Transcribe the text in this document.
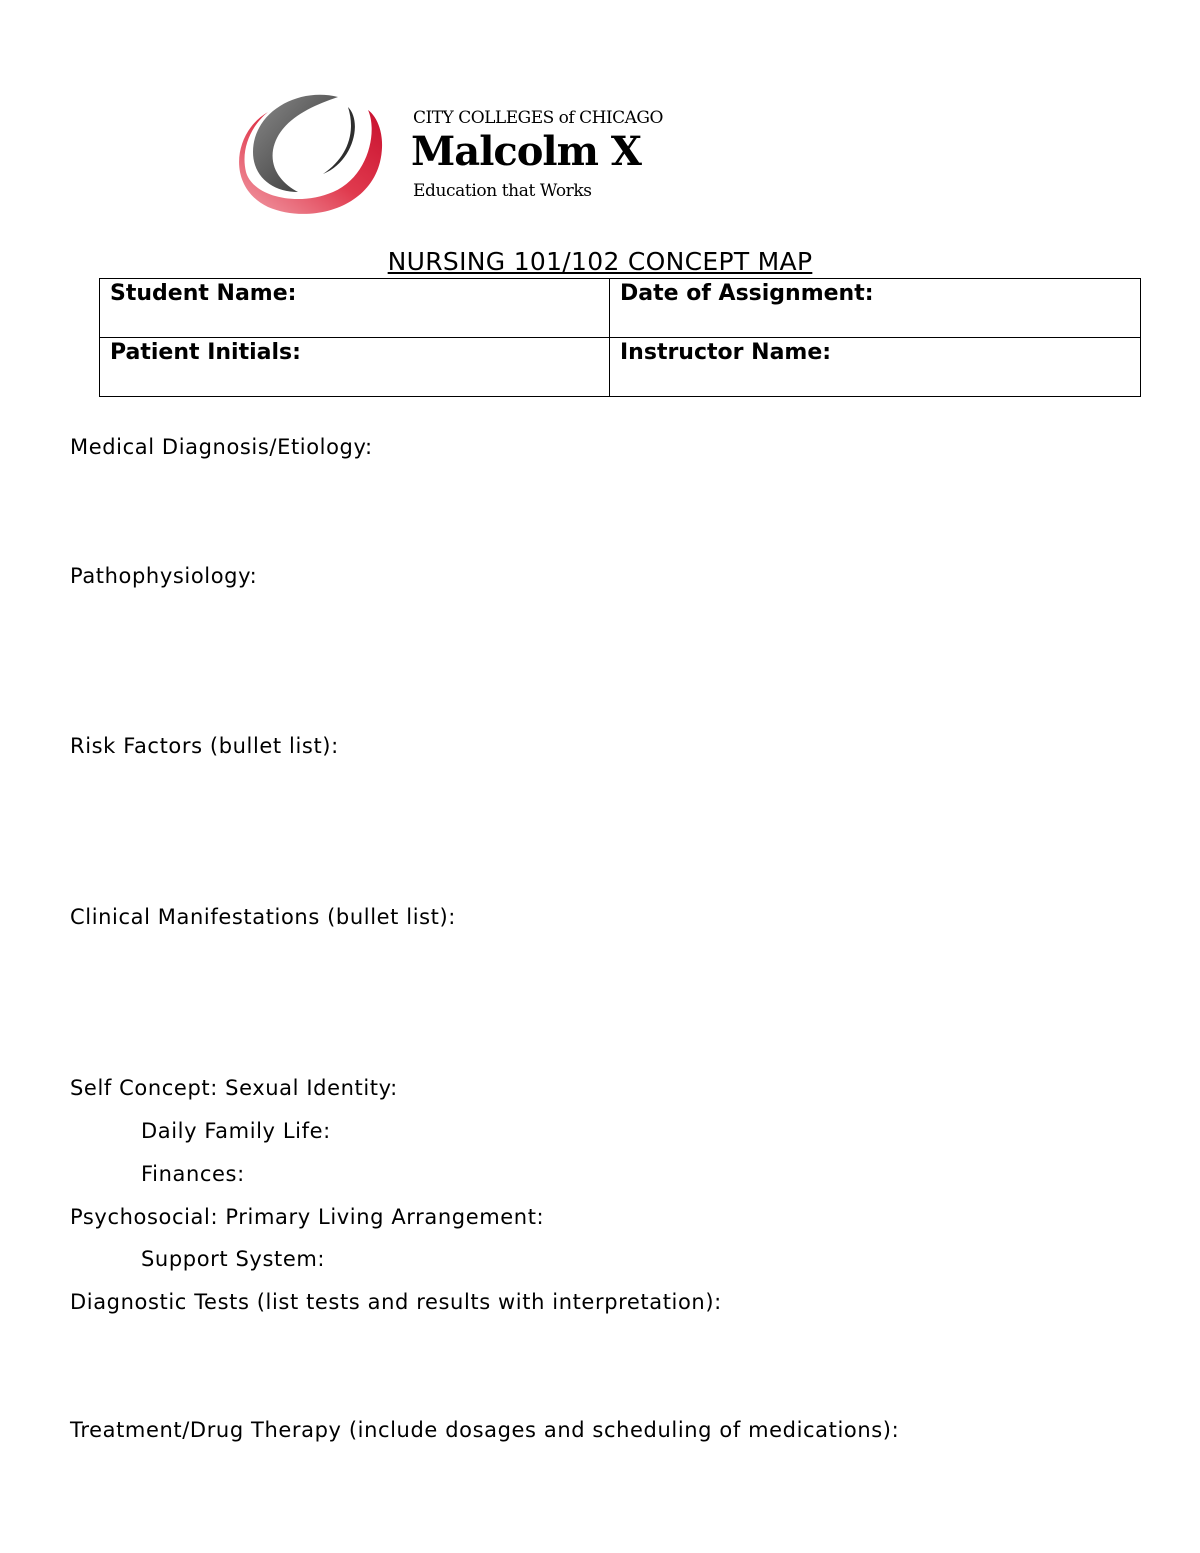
CITY COLLEGES of CHICAGO
Malcolm X
Education that Works
NURSING 101/102 CONCEPT MAP
Student Name:	Date of Assignment:
Patient Initials:	Instructor Name:
Medical Diagnosis/Etiology:
Pathophysiology:
Risk Factors (bullet list):
Clinical Manifestations (bullet list):
Self Concept: Sexual Identity:
Daily Family Life:
Finances:
Psychosocial: Primary Living Arrangement:
Support System:
Diagnostic Tests (list tests and results with interpretation):
Treatment/Drug Therapy (include dosages and scheduling of medications):
